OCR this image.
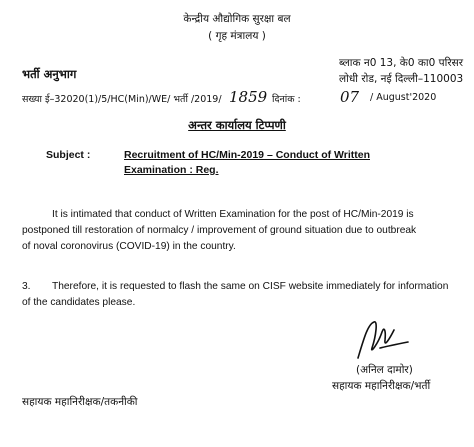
केन्द्रीय औद्योगिक सुरक्षा बल
( गृह मंत्रालय )
ब्लाक न0 13, के0 का0 परिसर
भर्ती अनुभाग	लोधी रोड, नई दिल्ली–110003
सख्या ई–32020(1)/5/HC(Min)/WE/ भर्ती /2019/ 1859 दिनांक :	07 / August'2020
अन्तर कार्यालय टिप्पणी
Subject :	Recruitment of HC/Min-2019 – Conduct of Written
Examination : Reg.
It is intimated that conduct of Written Examination for the post of HC/Min-2019 is
postponed till restoration of normalcy / improvement of ground situation due to outbreak
of noval coronovirus (COVID-19) in the country.
3. Therefore, it is requested to flash the same on CISF website immediately for information
of the candidates please.
(अनिल दामोर)
सहायक महानिरीक्षक/भर्ती
सहायक महानिरीक्षक/तकनीकी
